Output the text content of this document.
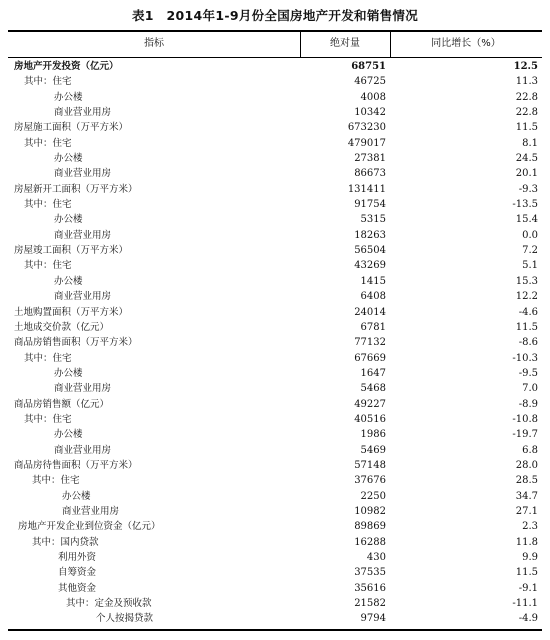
表1　2014年1-9月份全国房地产开发和销售情况
指标	绝对量	同比增长（%）
房地产开发投资（亿元）	68751	12.5
其中：住宅	46725	11.3
办公楼	4008	22.8
商业营业用房	10342	22.8
房屋施工面积（万平方米）	673230	11.5
其中：住宅	479017	8.1
办公楼	27381	24.5
商业营业用房	86673	20.1
房屋新开工面积（万平方米）	131411	-9.3
其中：住宅	91754	-13.5
办公楼	5315	15.4
商业营业用房	18263	0.0
房屋竣工面积（万平方米）	56504	7.2
其中：住宅	43269	5.1
办公楼	1415	15.3
商业营业用房	6408	12.2
土地购置面积（万平方米）	24014	-4.6
土地成交价款（亿元）	6781	11.5
商品房销售面积（万平方米）	77132	-8.6
其中：住宅	67669	-10.3
办公楼	1647	-9.5
商业营业用房	5468	7.0
商品房销售额（亿元）	49227	-8.9
其中：住宅	40516	-10.8
办公楼	1986	-19.7
商业营业用房	5469	6.8
商品房待售面积（万平方米）	57148	28.0
其中：住宅	37676	28.5
办公楼	2250	34.7
商业营业用房	10982	27.1
房地产开发企业到位资金（亿元）	89869	2.3
其中：国内贷款	16288	11.8
利用外资	430	9.9
自筹资金	37535	11.5
其他资金	35616	-9.1
其中：定金及预收款	21582	-11.1
个人按揭贷款	9794	-4.9
